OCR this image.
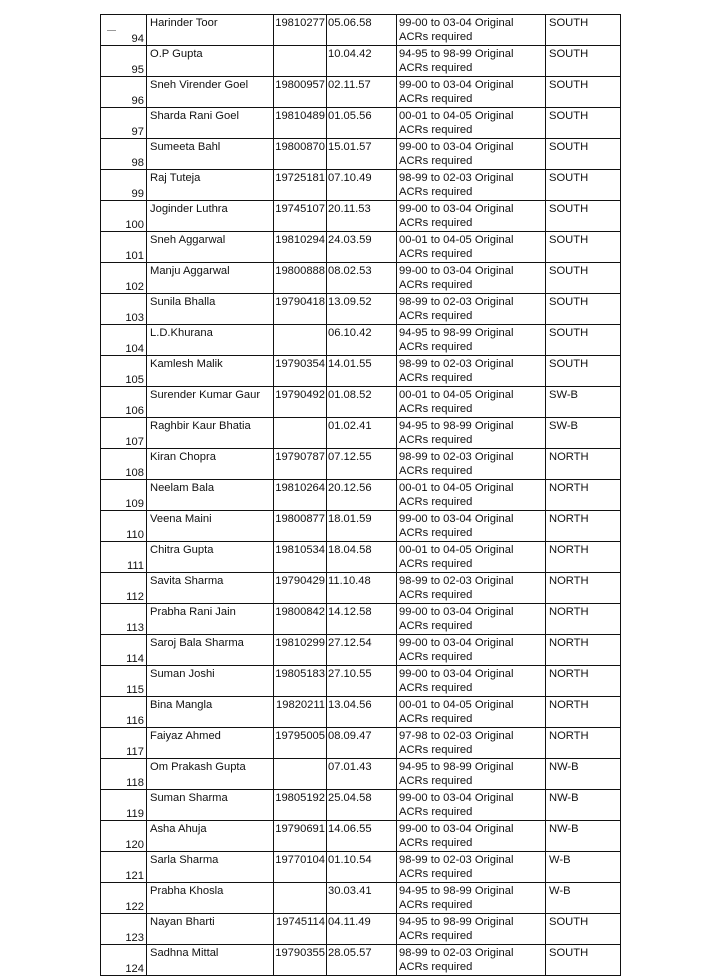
94	Harinder Toor	19810277	05.06.58	99-00 to 03-04 Original ACRs required	SOUTH
95	O.P Gupta		10.04.42	94-95 to 98-99 Original ACRs required	SOUTH
96	Sneh Virender Goel	19800957	02.11.57	99-00 to 03-04 Original ACRs required	SOUTH
97	Sharda Rani Goel	19810489	01.05.56	00-01 to 04-05 Original ACRs required	SOUTH
98	Sumeeta Bahl	19800870	15.01.57	99-00 to 03-04 Original ACRs required	SOUTH
99	Raj Tuteja	19725181	07.10.49	98-99 to 02-03 Original ACRs required	SOUTH
100	Joginder Luthra	19745107	20.11.53	99-00 to 03-04 Original ACRs required	SOUTH
101	Sneh Aggarwal	19810294	24.03.59	00-01 to 04-05 Original ACRs required	SOUTH
102	Manju Aggarwal	19800888	08.02.53	99-00 to 03-04 Original ACRs required	SOUTH
103	Sunila Bhalla	19790418	13.09.52	98-99 to 02-03 Original ACRs required	SOUTH
104	L.D.Khurana		06.10.42	94-95 to 98-99 Original ACRs required	SOUTH
105	Kamlesh Malik	19790354	14.01.55	98-99 to 02-03 Original ACRs required	SOUTH
106	Surender Kumar Gaur	19790492	01.08.52	00-01 to 04-05 Original ACRs required	SW-B
107	Raghbir Kaur Bhatia		01.02.41	94-95 to 98-99 Original ACRs required	SW-B
108	Kiran Chopra	19790787	07.12.55	98-99 to 02-03 Original ACRs required	NORTH
109	Neelam Bala	19810264	20.12.56	00-01 to 04-05 Original ACRs required	NORTH
110	Veena Maini	19800877	18.01.59	99-00 to 03-04 Original ACRs required	NORTH
111	Chitra Gupta	19810534	18.04.58	00-01 to 04-05 Original ACRs required	NORTH
112	Savita Sharma	19790429	11.10.48	98-99 to 02-03 Original ACRs required	NORTH
113	Prabha Rani Jain	19800842	14.12.58	99-00 to 03-04 Original ACRs required	NORTH
114	Saroj Bala Sharma	19810299	27.12.54	99-00 to 03-04 Original ACRs required	NORTH
115	Suman Joshi	19805183	27.10.55	99-00 to 03-04 Original ACRs required	NORTH
116	Bina Mangla	19820211	13.04.56	00-01 to 04-05 Original ACRs required	NORTH
117	Faiyaz Ahmed	19795005	08.09.47	97-98 to 02-03 Original ACRs required	NORTH
118	Om Prakash Gupta		07.01.43	94-95 to 98-99 Original ACRs required	NW-B
119	Suman Sharma	19805192	25.04.58	99-00 to 03-04 Original ACRs required	NW-B
120	Asha Ahuja	19790691	14.06.55	99-00 to 03-04 Original ACRs required	NW-B
121	Sarla Sharma	19770104	01.10.54	98-99 to 02-03 Original ACRs required	W-B
122	Prabha Khosla		30.03.41	94-95 to 98-99 Original ACRs required	W-B
123	Nayan Bharti	19745114	04.11.49	94-95 to 98-99 Original ACRs required	SOUTH
124	Sadhna Mittal	19790355	28.05.57	98-99 to 02-03 Original ACRs required	SOUTH
